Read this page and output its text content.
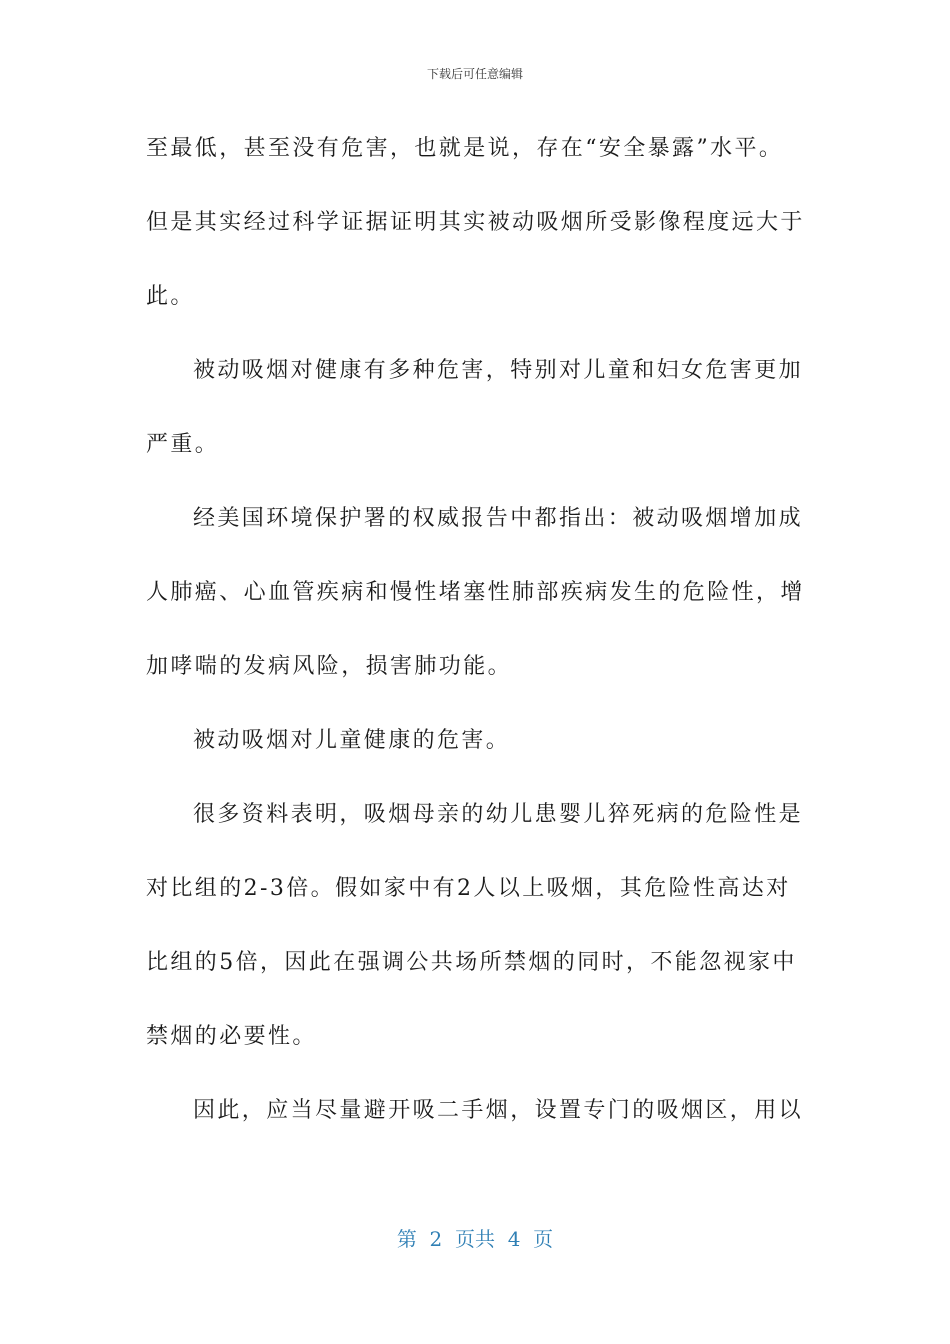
下载后可任意编辑
至最低，甚至没有危害，也就是说，存在“安全暴露”水平。
但是其实经过科学证据证明其实被动吸烟所受影像程度远大于
此。
被动吸烟对健康有多种危害，特别对儿童和妇女危害更加
严重。
经美国环境保护署的权威报告中都指出：被动吸烟增加成
人肺癌、心血管疾病和慢性堵塞性肺部疾病发生的危险性，增
加哮喘的发病风险，损害肺功能。
被动吸烟对儿童健康的危害。
很多资料表明，吸烟母亲的幼儿患婴儿猝死病的危险性是
对比组的2-3倍。假如家中有2人以上吸烟，其危险性高达对
比组的5倍，因此在强调公共场所禁烟的同时，不能忽视家中
禁烟的必要性。
因此，应当尽量避开吸二手烟，设置专门的吸烟区，用以
第  2  页共  4  页
